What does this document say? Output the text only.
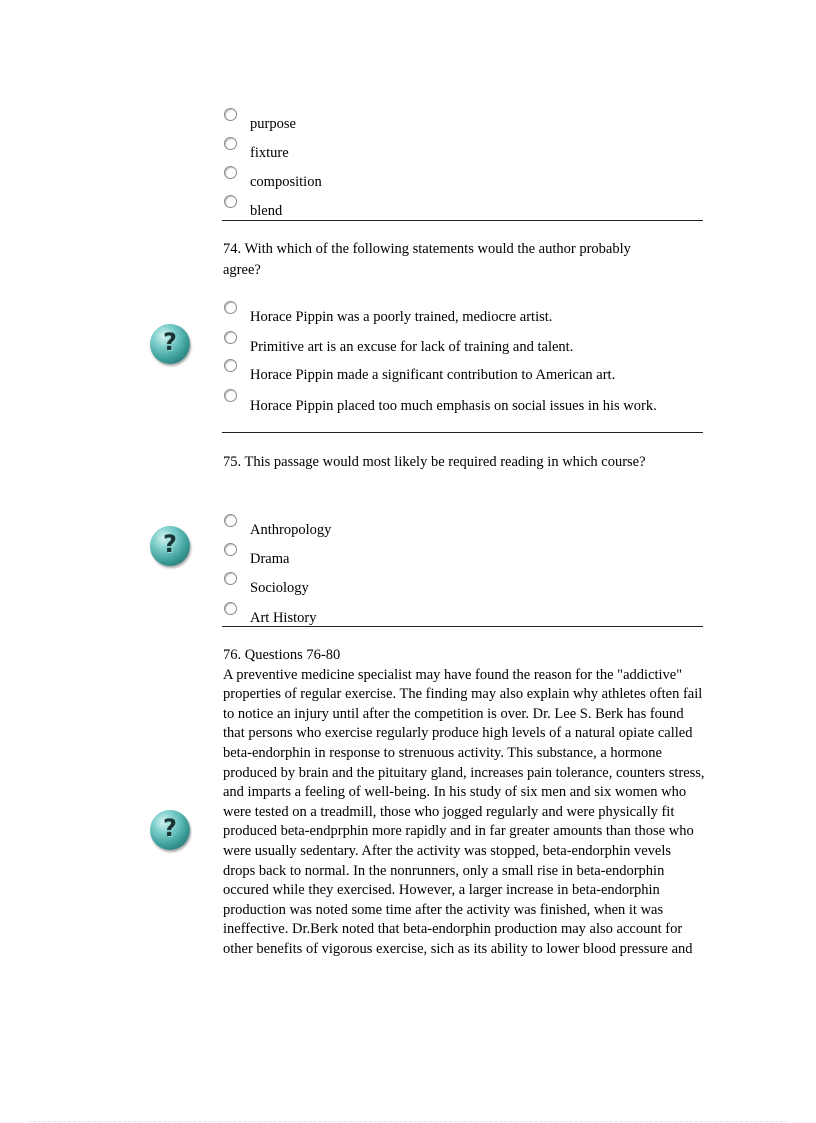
purpose
fixture
composition
blend
74. With which of the following statements would the author probably agree?
?
Horace Pippin was a poorly trained, mediocre artist.
Primitive art is an excuse for lack of training and talent.
Horace Pippin made a significant contribution to American art.
Horace Pippin placed too much emphasis on social issues in his work.
75. This passage would most likely be required reading in which course?
?	Anthropology
Drama
Sociology
Art History
?

76. Questions 76-80

A preventive medicine specialist may have found the reason for the "addictive" properties of regular exercise. The finding may also explain why athletes often fail to notice an injury until after the competition is over. Dr. Lee S. Berk has found that persons who exercise regularly produce high levels of a natural opiate called beta-endorphin in response to strenuous activity. This substance, a hormone produced by brain and the pituitary gland, increases pain tolerance, counters stress, and imparts a feeling of well-being. In his study of six men and six women who were tested on a treadmill, those who jogged regularly and were physically fit produced beta-endprphin more rapidly and in far greater amounts than those who were usually sedentary. After the activity was stopped, beta-endorphin vevels drops back to normal. In the nonrunners, only a small rise in beta-endorphin occured while they exercised. However, a larger increase in beta-endorphin production was noted some time after the activity was finished, when it was ineffective. Dr.Berk noted that beta-endorphin production may also account for other benefits of vigorous exercise, sich as its ability to lower blood pressure and
